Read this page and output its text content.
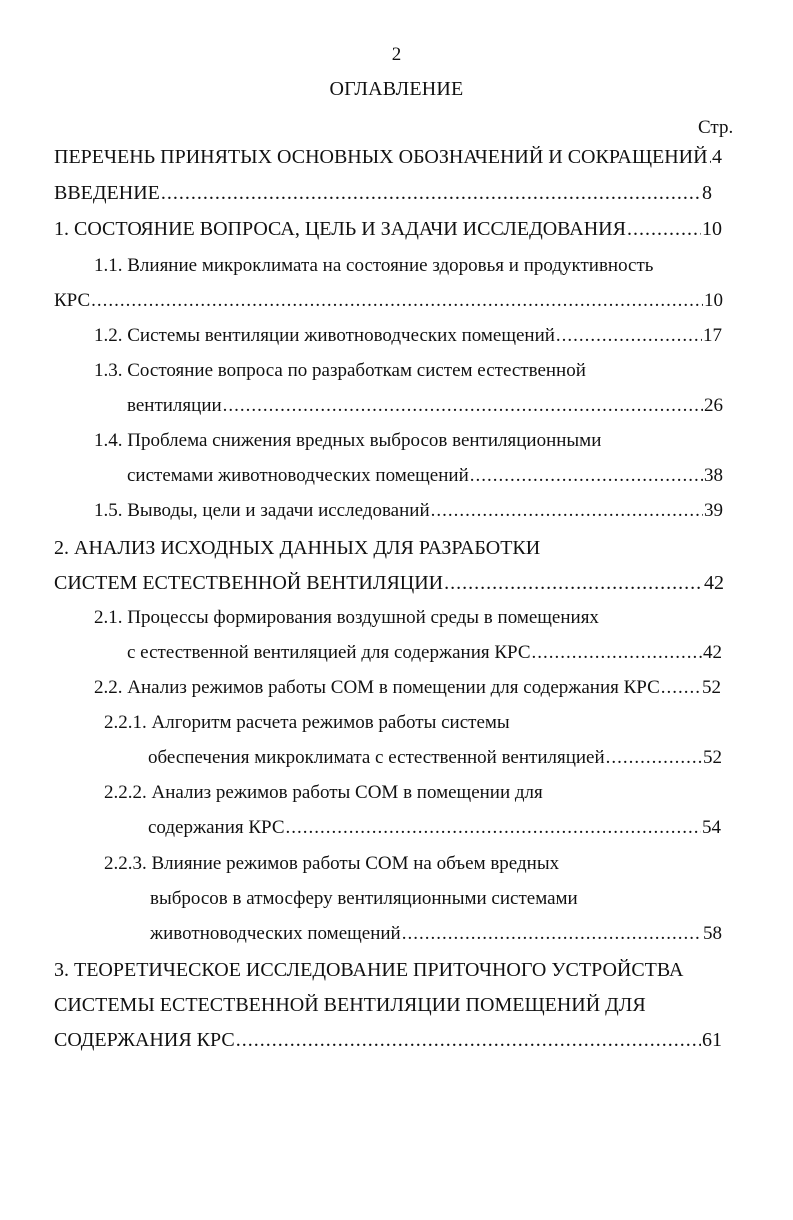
2
ОГЛАВЛЕНИЕ
Стр.
ПЕРЕЧЕНЬ ПРИНЯТЫХ ОСНОВНЫХ ОБОЗНАЧЕНИЙ И СОКРАЩЕНИЙ ..... 4
ВВЕДЕНИЕ .....	8
1. СОСТОЯНИЕ ВОПРОСА, ЦЕЛЬ И ЗАДАЧИ ИССЛЕДОВАНИЯ .....	10
1.1. Влияние микроклимата на состояние здоровья и продуктивность
КРС .....	10
1.2. Системы вентиляции животноводческих помещений .....	17
1.3. Состояние вопроса по разработкам систем естественной
вентиляции .....	26
1.4. Проблема снижения вредных выбросов вентиляционными
системами животноводческих помещений .....	38
1.5. Выводы, цели и задачи исследований .....	39
2. АНАЛИЗ ИСХОДНЫХ ДАННЫХ ДЛЯ РАЗРАБОТКИ
СИСТЕМ ЕСТЕСТВЕННОЙ ВЕНТИЛЯЦИИ .....	42
2.1. Процессы формирования воздушной среды в помещениях
с естественной вентиляцией для содержания КРС .....	42
2.2. Анализ режимов работы СОМ в помещении для содержания КРС ..... 52
2.2.1. Алгоритм расчета режимов работы системы
обеспечения микроклимата с естественной вентиляцией .....	52
2.2.2. Анализ режимов работы СОМ в помещении для
содержания КРС .....	54
2.2.3. Влияние режимов работы СОМ на объем вредных
выбросов в атмосферу вентиляционными системами
животноводческих помещений .....	58
3. ТЕОРЕТИЧЕСКОЕ ИССЛЕДОВАНИЕ ПРИТОЧНОГО УСТРОЙСТВА
СИСТЕМЫ ЕСТЕСТВЕННОЙ ВЕНТИЛЯЦИИ ПОМЕЩЕНИЙ ДЛЯ
СОДЕРЖАНИЯ КРС .....	61
